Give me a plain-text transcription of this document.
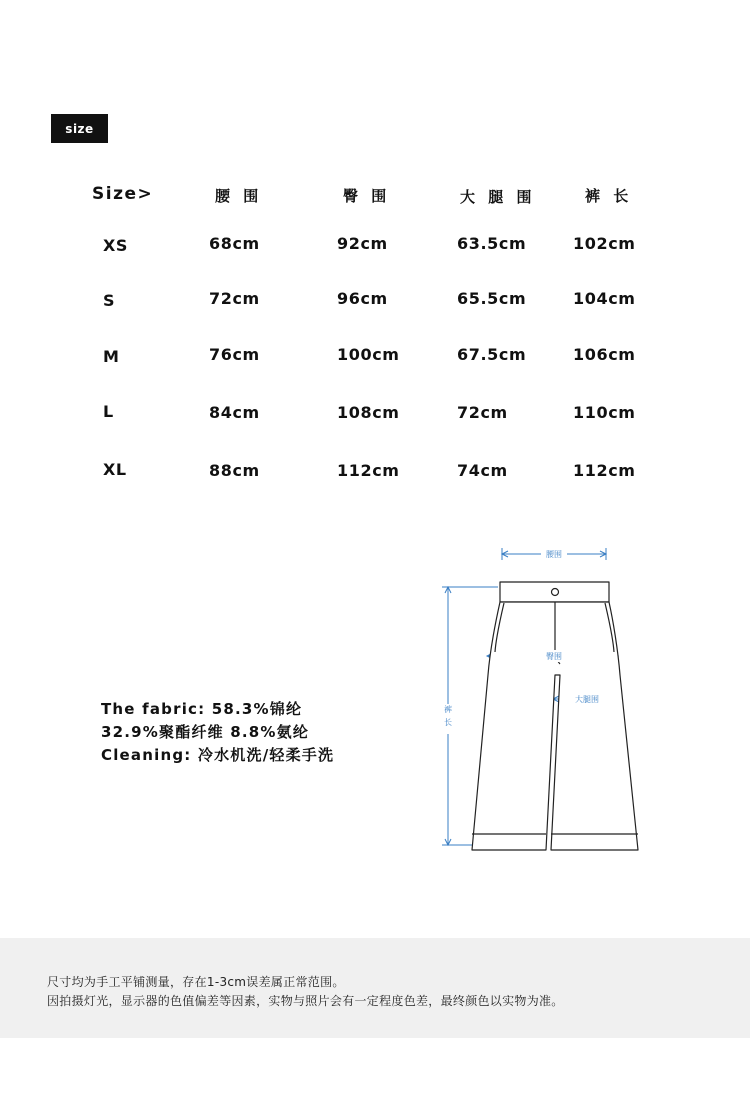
size
Size>	腰 围	臀 围	大 腿 围	裤 长
XS	68cm	92cm	63.5cm	102cm
S	72cm	96cm	65.5cm	104cm
M	76cm	100cm	67.5cm	106cm
L	84cm	108cm	72cm	110cm
XL	88cm	112cm	74cm	112cm
The fabric: 58.3%锦纶
32.9%聚酯纤维 8.8%氨纶
Cleaning: 冷水机洗/轻柔手洗
腰围
臀围
大腿围
裤
长
尺寸均为手工平铺测量，存在1-3cm误差属正常范围。
因拍摄灯光，显示器的色值偏差等因素，实物与照片会有一定程度色差，最终颜色以实物为准。
